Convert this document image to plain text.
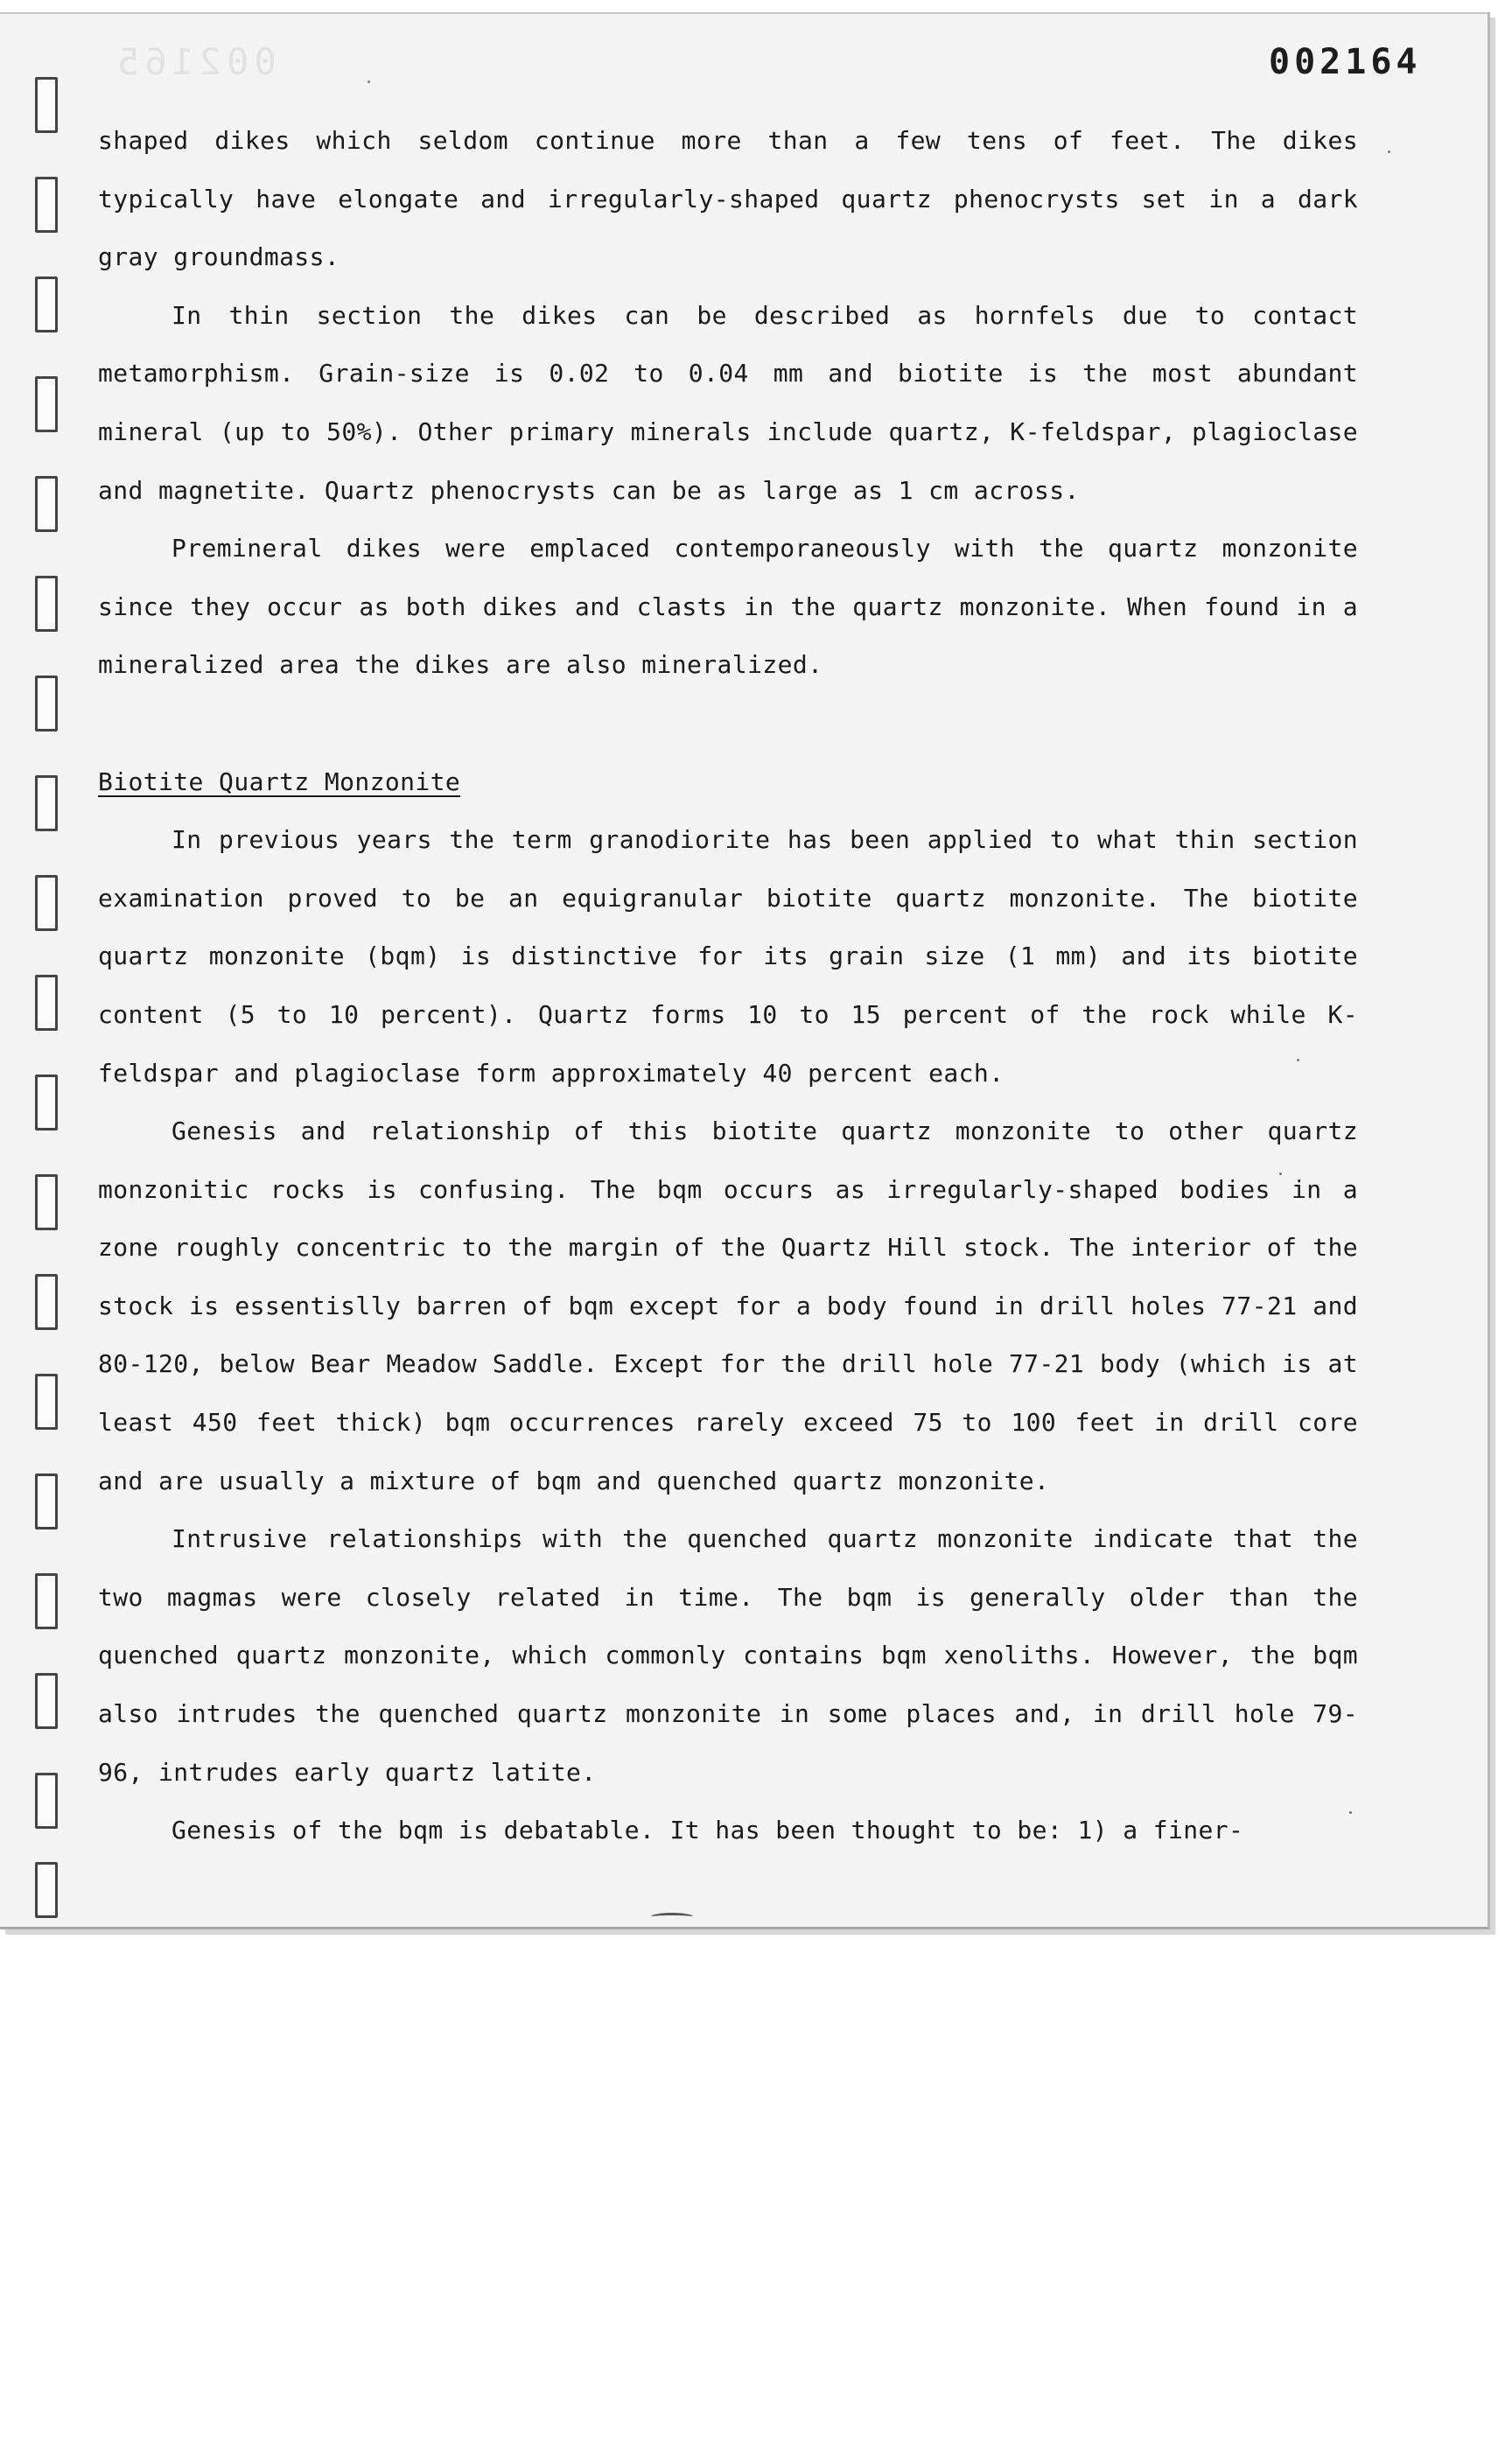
002165	002164

shaped dikes which seldom continue more than a few tens of feet. The dikes typically have elongate and irregularly-shaped quartz phenocrysts set in a dark gray groundmass.

In thin section the dikes can be described as hornfels due to contact metamorphism. Grain-size is 0.02 to 0.04 mm and biotite is the most abundant mineral (up to 50%). Other primary minerals include quartz, K-feldspar, plagioclase and magnetite. Quartz phenocrysts can be as large as 1 cm across.

Premineral dikes were emplaced contemporaneously with the quartz monzonite since they occur as both dikes and clasts in the quartz monzonite. When found in a mineralized area the dikes are also mineralized.

Biotite Quartz Monzonite

In previous years the term granodiorite has been applied to what thin section examination proved to be an equigranular biotite quartz monzonite. The biotite quartz monzonite (bqm) is distinctive for its grain size (1 mm) and its biotite content (5 to 10 percent). Quartz forms 10 to 15 percent of the rock while K-feldspar and plagioclase form approximately 40 percent each.

Genesis and relationship of this biotite quartz monzonite to other quartz monzonitic rocks is confusing. The bqm occurs as irregularly-shaped bodies in a zone roughly concentric to the margin of the Quartz Hill stock. The interior of the stock is essentislly barren of bqm except for a body found in drill holes 77-21 and 80-120, below Bear Meadow Saddle. Except for the drill hole 77-21 body (which is at least 450 feet thick) bqm occurrences rarely exceed 75 to 100 feet in drill core and are usually a mixture of bqm and quenched quartz monzonite.

Intrusive relationships with the quenched quartz monzonite indicate that the two magmas were closely related in time. The bqm is generally older than the quenched quartz monzonite, which commonly contains bqm xenoliths. However, the bqm also intrudes the quenched quartz monzonite in some places and, in drill hole 79-96, intrudes early quartz latite.

Genesis of the bqm is debatable. It has been thought to be: 1) a finer-
